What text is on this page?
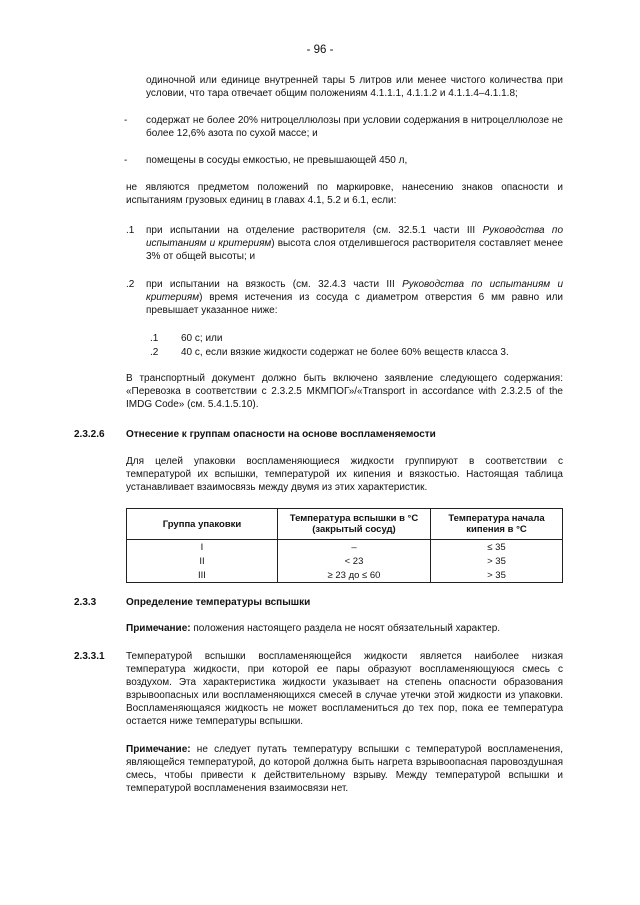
- 96 -
одиночной или единице внутренней тары 5 литров или менее чистого количества при условии, что тара отвечает общим положениям 4.1.1.1, 4.1.1.2 и 4.1.1.4–4.1.1.8;
- содержат не более 20% нитроцеллюлозы при условии содержания в нитроцеллюлозе не более 12,6% азота по сухой массе; и
- помещены в сосуды емкостью, не превышающей 450 л,
не являются предметом положений по маркировке, нанесению знаков опасности и испытаниям грузовых единиц в главах 4.1, 5.2 и 6.1, если:
.1 при испытании на отделение растворителя (см. 32.5.1 части III Руководства по испытаниям и критериям) высота слоя отделившегося растворителя составляет менее 3% от общей высоты; и
.2 при испытании на вязкость (см. 32.4.3 части III Руководства по испытаниям и критериям) время истечения из сосуда с диаметром отверстия 6 мм равно или превышает указанное ниже:
.1 60 с; или
.2 40 с, если вязкие жидкости содержат не более 60% веществ класса 3.
В транспортный документ должно быть включено заявление следующего содержания: «Перевозка в соответствии с 2.3.2.5 МКМПОГ»/«Transport in accordance with 2.3.2.5 of the IMDG Code» (см. 5.4.1.5.10).
2.3.2.6 Отнесение к группам опасности на основе воспламеняемости
Для целей упаковки воспламеняющиеся жидкости группируют в соответствии с температурой их вспышки, температурой их кипения и вязкостью. Настоящая таблица устанавливает взаимосвязь между двумя из этих характеристик.
Группа упаковки	Температура вспышки в °C (закрытый сосуд)	Температура начала кипения в °C
I	–	≤ 35
II	< 23	> 35
III	≥ 23 до ≤ 60	> 35
2.3.3	Определение температуры вспышки
Примечание: положения настоящего раздела не носят обязательный характер.
2.3.3.1 Температурой вспышки воспламеняющейся жидкости является наиболее низкая температура жидкости, при которой ее пары образуют воспламеняющуюся смесь с воздухом. Эта характеристика жидкости указывает на степень опасности образования взрывоопасных или воспламеняющихся смесей в случае утечки этой жидкости из упаковки. Воспламеняющаяся жидкость не может воспламениться до тех пор, пока ее температура остается ниже температуры вспышки.
Примечание: не следует путать температуру вспышки с температурой воспламенения, являющейся температурой, до которой должна быть нагрета взрывоопасная паровоздушная смесь, чтобы привести к действительному взрыву. Между температурой вспышки и температурой воспламенения взаимосвязи нет.
